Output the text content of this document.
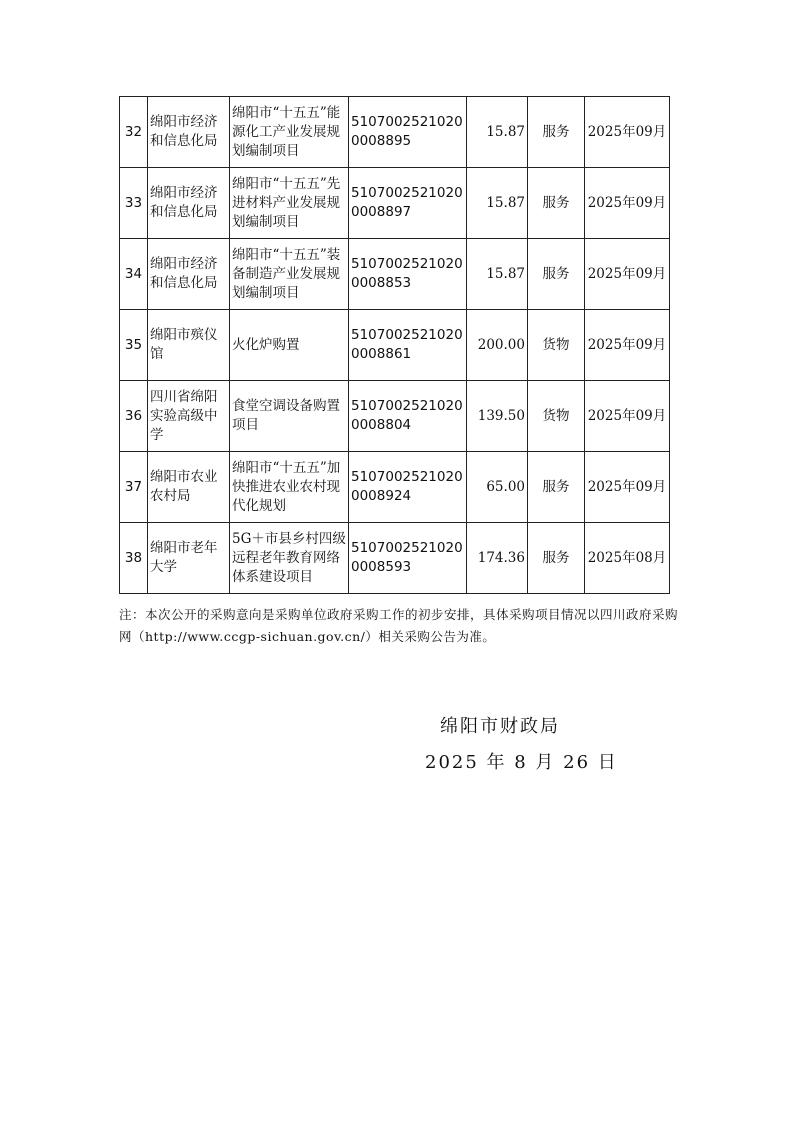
32	绵阳市经济和信息化局	绵阳市“十五五”能源化工产业发展规划编制项目	51070025210200008895	15.87	服务	2025年09月
33	绵阳市经济和信息化局	绵阳市“十五五”先进材料产业发展规划编制项目	51070025210200008897	15.87	服务	2025年09月
34	绵阳市经济和信息化局	绵阳市“十五五”装备制造产业发展规划编制项目	51070025210200008853	15.87	服务	2025年09月
35	绵阳市殡仪馆	火化炉购置	51070025210200008861	200.00	货物	2025年09月
36	四川省绵阳实验高级中学	食堂空调设备购置项目	51070025210200008804	139.50	货物	2025年09月
37	绵阳市农业农村局	绵阳市“十五五”加快推进农业农村现代化规划	51070025210200008924	65.00	服务	2025年09月
38	绵阳市老年大学	5G＋市县乡村四级远程老年教育网络体系建设项目	51070025210200008593	174.36	服务	2025年08月
注：本次公开的采购意向是采购单位政府采购工作的初步安排，具体采购项目情况以四川政府采购网（http://www.ccgp-sichuan.gov.cn/）相关采购公告为准。
绵阳市财政局
2025 年 8 月 26 日
